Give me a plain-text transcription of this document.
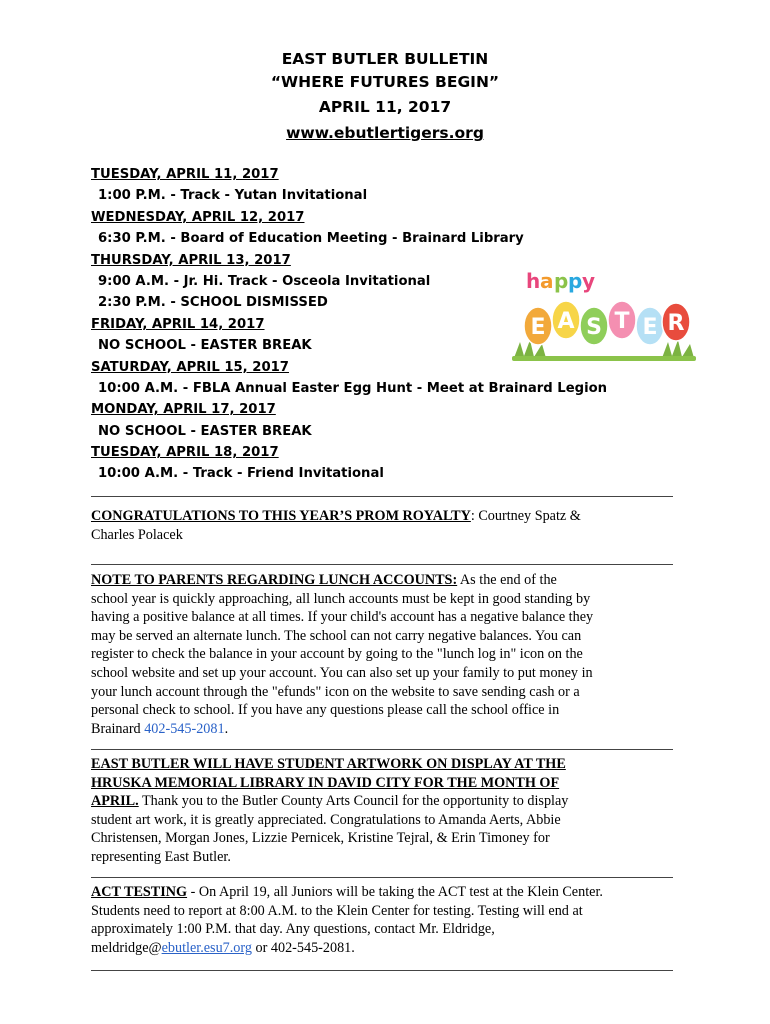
EAST BUTLER BULLETIN
“WHERE FUTURES BEGIN”
APRIL 11, 2017
www.ebutlertigers.org
TUESDAY, APRIL 11, 2017
1:00 P.M. - Track - Yutan Invitational
WEDNESDAY, APRIL 12, 2017
6:30 P.M. - Board of Education Meeting - Brainard Library
THURSDAY, APRIL 13, 2017
9:00 A.M. - Jr. Hi. Track - Osceola Invitational
2:30 P.M. - SCHOOL DISMISSED
FRIDAY, APRIL 14, 2017
NO SCHOOL - EASTER BREAK
SATURDAY, APRIL 15, 2017
10:00 A.M. - FBLA Annual Easter Egg Hunt - Meet at Brainard Legion
MONDAY, APRIL 17, 2017
NO SCHOOL - EASTER BREAK
TUESDAY, APRIL 18, 2017
10:00 A.M. - Track - Friend Invitational
h a p p y
E A S T E R
CONGRATULATIONS TO THIS YEAR’S PROM ROYALTY: Courtney Spatz &
Charles Polacek
NOTE TO PARENTS REGARDING LUNCH ACCOUNTS: As the end of the
school year is quickly approaching, all lunch accounts must be kept in good standing by
having a positive balance at all times. If your child's account has a negative balance they
may be served an alternate lunch. The school can not carry negative balances. You can
register to check the balance in your account by going to the "lunch log in" icon on the
school website and set up your account. You can also set up your family to put money in
your lunch account through the "efunds" icon on the website to save sending cash or a
personal check to school. If you have any questions please call the school office in
Brainard 402-545-2081.
EAST BUTLER WILL HAVE STUDENT ARTWORK ON DISPLAY AT THE
HRUSKA MEMORIAL LIBRARY IN DAVID CITY FOR THE MONTH OF
APRIL. Thank you to the Butler County Arts Council for the opportunity to display
student art work, it is greatly appreciated. Congratulations to Amanda Aerts, Abbie
Christensen, Morgan Jones, Lizzie Pernicek, Kristine Tejral, & Erin Timoney for
representing East Butler.
ACT TESTING - On April 19, all Juniors will be taking the ACT test at the Klein Center.
Students need to report at 8:00 A.M. to the Klein Center for testing. Testing will end at
approximately 1:00 P.M. that day. Any questions, contact Mr. Eldridge,
meldridge@ebutler.esu7.org or 402-545-2081.
